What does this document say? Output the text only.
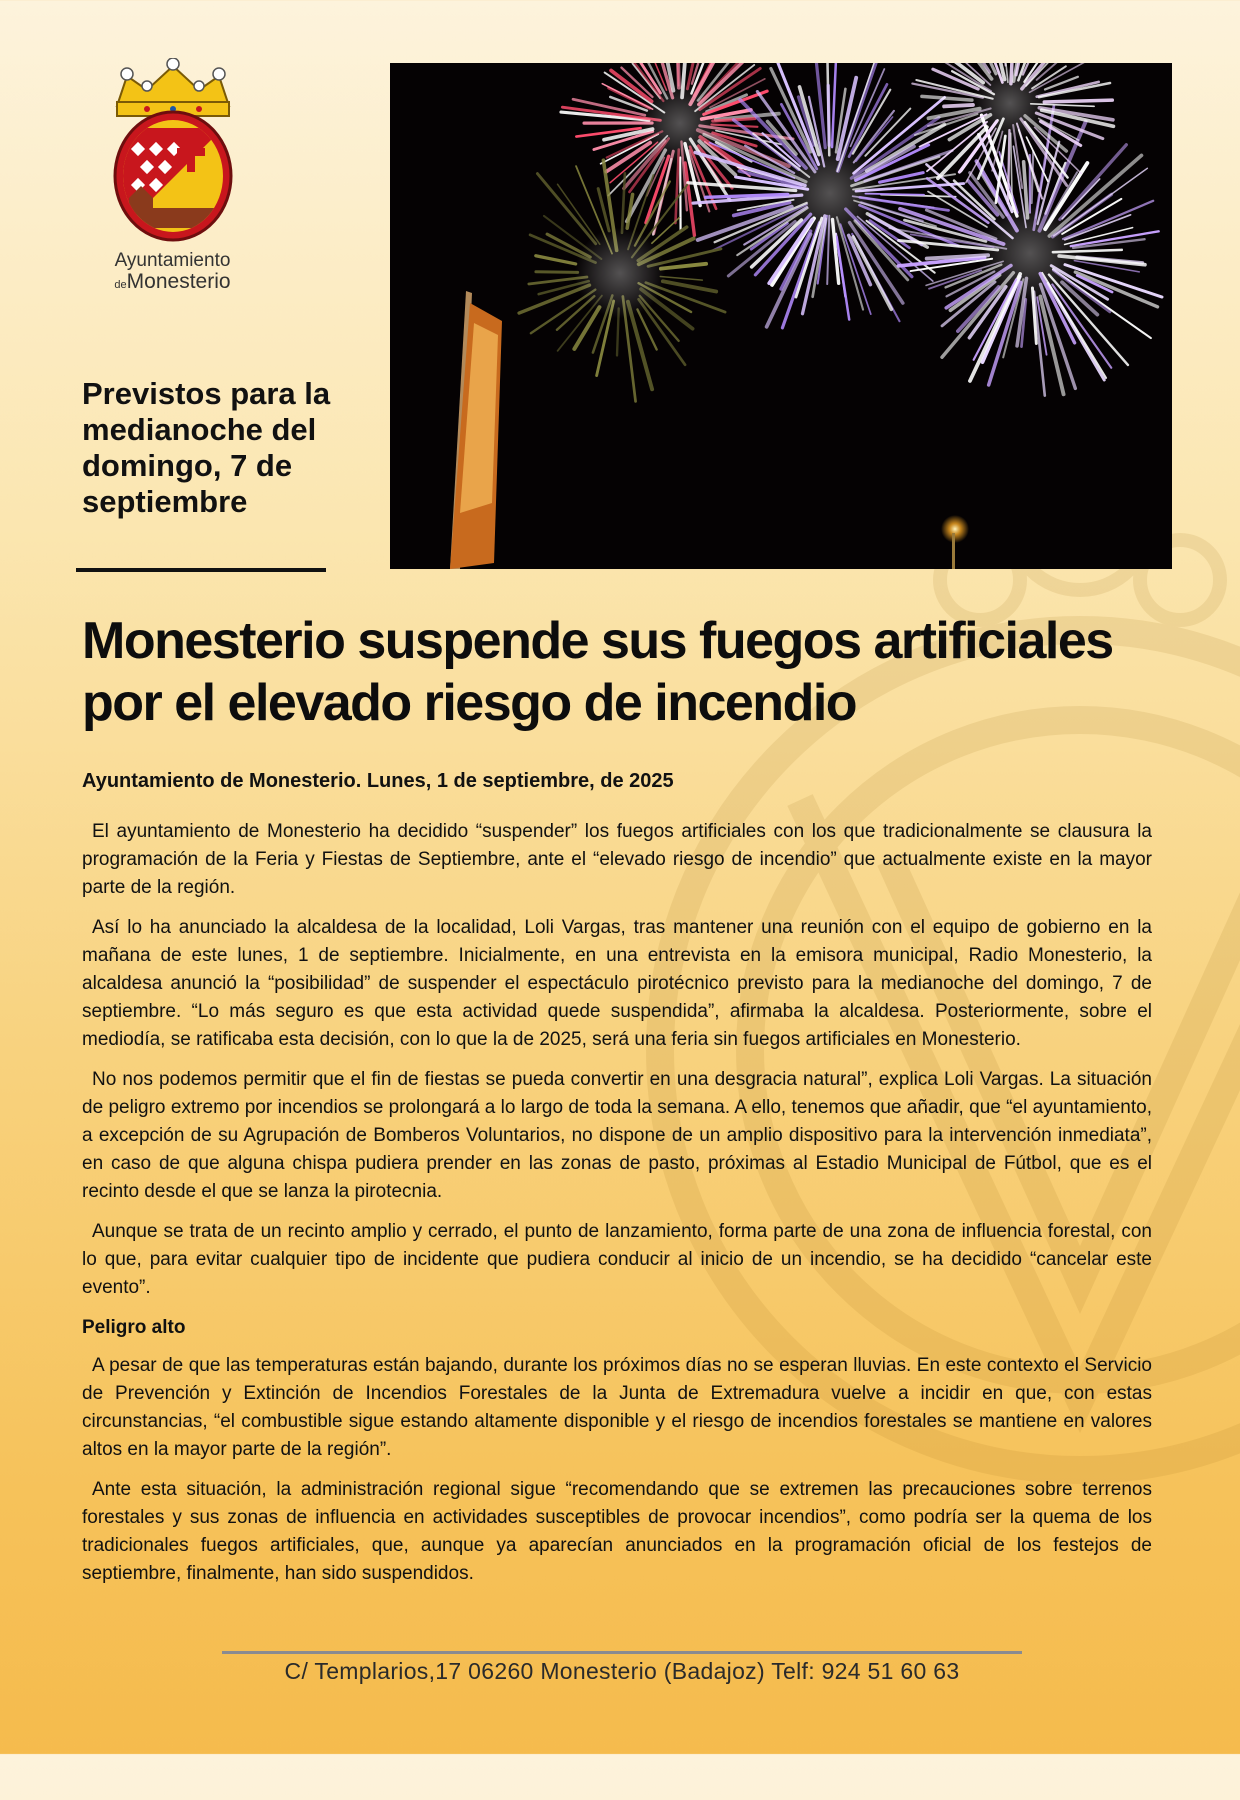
Ayuntamiento
deMonesterio
Previstos para la medianoche del domingo, 7 de septiembre
Monesterio suspende sus fuegos artificiales por el elevado riesgo de incendio

Ayuntamiento de Monesterio. Lunes, 1 de septiembre, de 2025

El ayuntamiento de Monesterio ha decidido “suspender” los fuegos artificiales con los que tradicionalmente se clausura la programación de la Feria y Fiestas de Septiembre, ante el “elevado riesgo de incendio” que actualmente existe en la mayor parte de la región.

Así lo ha anunciado la alcaldesa de la localidad, Loli Vargas, tras mantener una reunión con el equipo de gobierno en la mañana de este lunes, 1 de septiembre. Inicialmente, en una entrevista en la emisora municipal, Radio Monesterio, la alcaldesa anunció la “posibilidad” de suspender el espectáculo pirotécnico previsto para la medianoche del domingo, 7 de septiembre. “Lo más seguro es que esta actividad quede suspendida”, afirmaba la alcaldesa. Posteriormente, sobre el mediodía, se ratificaba esta decisión, con lo que la de 2025, será una feria sin fuegos artificiales en Monesterio.

No nos podemos permitir que el fin de fiestas se pueda convertir en una desgracia natural”, explica Loli Vargas. La situación de peligro extremo por incendios se prolongará a lo largo de toda la semana. A ello, tenemos que añadir, que “el ayuntamiento, a excepción de su Agrupación de Bomberos Voluntarios, no dispone de un amplio dispositivo para la intervención inmediata”, en caso de que alguna chispa pudiera prender en las zonas de pasto, próximas al Estadio Municipal de Fútbol, que es el recinto desde el que se lanza la pirotecnia.

Aunque se trata de un recinto amplio y cerrado, el punto de lanzamiento, forma parte de una zona de influencia forestal, con lo que, para evitar cualquier tipo de incidente que pudiera conducir al inicio de un incendio, se ha decidido “cancelar este evento”.

Peligro alto

A pesar de que las temperaturas están bajando, durante los próximos días no se esperan lluvias. En este contexto el Servicio de Prevención y Extinción de Incendios Forestales de la Junta de Extremadura vuelve a incidir en que, con estas circunstancias, “el combustible sigue estando altamente disponible y el riesgo de incendios forestales se mantiene en valores altos en la mayor parte de la región”.

Ante esta situación, la administración regional sigue “recomendando que se extremen las precauciones sobre terrenos forestales y sus zonas de influencia en actividades susceptibles de provocar incendios”, como podría ser la quema de los tradicionales fuegos artificiales, que, aunque ya aparecían anunciados en la programación oficial de los festejos de septiembre, finalmente, han sido suspendidos.

C/ Templarios,17 06260 Monesterio (Badajoz) Telf: 924 51 60 63
